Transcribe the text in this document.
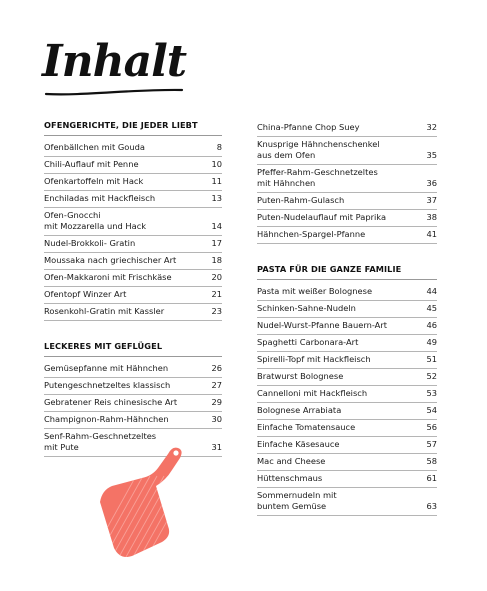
Inhalt
OFENGERICHTE, DIE JEDER LIEBT
Ofenbällchen mit Gouda	8
Chili-Auflauf mit Penne	10
Ofenkartoffeln mit Hack	11
Enchiladas mit Hackfleisch	13
Ofen-Gnocchi
mit Mozzarella und Hack	14
Nudel-Brokkoli- Gratin	17
Moussaka nach griechischer Art	18
Ofen-Makkaroni mit Frischkäse	20
Ofentopf Winzer Art	21
Rosenkohl-Gratin mit Kassler	23
LECKERES MIT GEFLÜGEL
Gemüsepfanne mit Hähnchen	26
Putengeschnetzeltes klassisch	27
Gebratener Reis chinesische Art	29
Champignon-Rahm-Hähnchen	30
Senf-Rahm-Geschnetzeltes
mit Pute	31
China-Pfanne Chop Suey	32
Knusprige Hähnchenschenkel
aus dem Ofen	35
Pfeffer-Rahm-Geschnetzeltes
mit Hähnchen	36
Puten-Rahm-Gulasch	37
Puten-Nudelauflauf mit Paprika	38
Hähnchen-Spargel-Pfanne	41
PASTA FÜR DIE GANZE FAMILIE
Pasta mit weißer Bolognese	44
Schinken-Sahne-Nudeln	45
Nudel-Wurst-Pfanne Bauern-Art	46
Spaghetti Carbonara-Art	49
Spirelli-Topf mit Hackfleisch	51
Bratwurst Bolognese	52
Cannelloni mit Hackfleisch	53
Bolognese Arrabiata	54
Einfache Tomatensauce	56
Einfache Käsesauce	57
Mac and Cheese	58
Hüttenschmaus	61
Sommernudeln mit
buntem Gemüse	63
